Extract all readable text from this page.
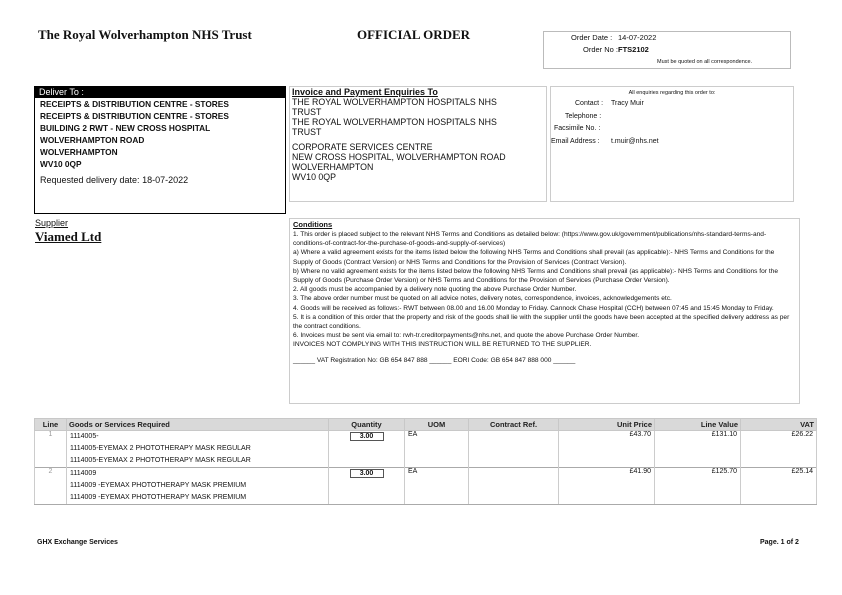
The Royal Wolverhampton NHS Trust	OFFICIAL ORDER	Order Date : 14-07-2022
Order No : FTS2102
Must be quoted on all correspondence.
Deliver To :
RECEIPTS & DISTRIBUTION CENTRE - STORES
RECEIPTS & DISTRIBUTION CENTRE - STORES
BUILDING 2 RWT - NEW CROSS HOSPITAL
WOLVERHAMPTON ROAD
WOLVERHAMPTON
WV10 0QP
Requested delivery date: 18-07-2022
Invoice and Payment Enquiries To
THE ROYAL WOLVERHAMPTON HOSPITALS NHS
TRUST
THE ROYAL WOLVERHAMPTON HOSPITALS NHS
TRUST
CORPORATE SERVICES CENTRE
NEW CROSS HOSPITAL, WOLVERHAMPTON ROAD
WOLVERHAMPTON
WV10 0QP
All enquiries regarding this order to:
Contact : Tracy Muir
Telephone :
Facsimile No. :
Email Address : t.muir@nhs.net
Supplier
Viamed Ltd
Conditions

1. This order is placed subject to the relevant NHS Terms and Conditions as detailed below: (https://www.gov.uk/government/publications/nhs-standard-terms-and-conditions-of-contract-for-the-purchase-of-goods-and-supply-of-services)

a) Where a valid agreement exists for the items listed below the following NHS Terms and Conditions shall prevail (as applicable):- NHS Terms and Conditions for the Supply of Goods (Contract Version) or NHS Terms and Conditions for the Provision of Services (Contract Version).

b) Where no valid agreement exists for the items listed below the following NHS Terms and Conditions shall prevail (as applicable):- NHS Terms and Conditions for the Supply of Goods (Purchase Order Version) or NHS Terms and Conditions for the Provision of Services (Purchase Order Version).

2. All goods must be accompanied by a delivery note quoting the above Purchase Order Number.

3. The above order number must be quoted on all advice notes, delivery notes, correspondence, invoices, acknowledgements etc.

4. Goods will be received as follows:- RWT between 08.00 and 16.00 Monday to Friday. Cannock Chase Hospital (CCH) between 07:45 and 15:45 Monday to Friday.

5. It is a condition of this order that the property and risk of the goods shall lie with the supplier until the goods have been accepted at the specified delivery address as per the contract conditions.

6. Invoices must be sent via email to: rwh-tr.creditorpayments@nhs.net, and quote the above Purchase Order Number.

INVOICES NOT COMPLYING WITH THIS INSTRUCTION WILL BE RETURNED TO THE SUPPLIER.

______ VAT Registration No: GB 654 847 888 ______ EORI Code: GB 654 847 888 000 ______

Line	Goods or Services Required	Quantity	UOM	Contract Ref.	Unit Price	Line Value	VAT
1	1114005-
1114005-EYEMAX 2 PHOTOTHERAPY MASK REGULAR
1114005-EYEMAX 2 PHOTOTHERAPY MASK REGULAR	3.00	EA		£43.70	£131.10	£26.22
2	1114009
1114009 -EYEMAX PHOTOTHERAPY MASK PREMIUM
1114009 -EYEMAX PHOTOTHERAPY MASK PREMIUM	3.00	EA		£41.90	£125.70	£25.14
GHX Exchange Services	Page. 1 of 2
